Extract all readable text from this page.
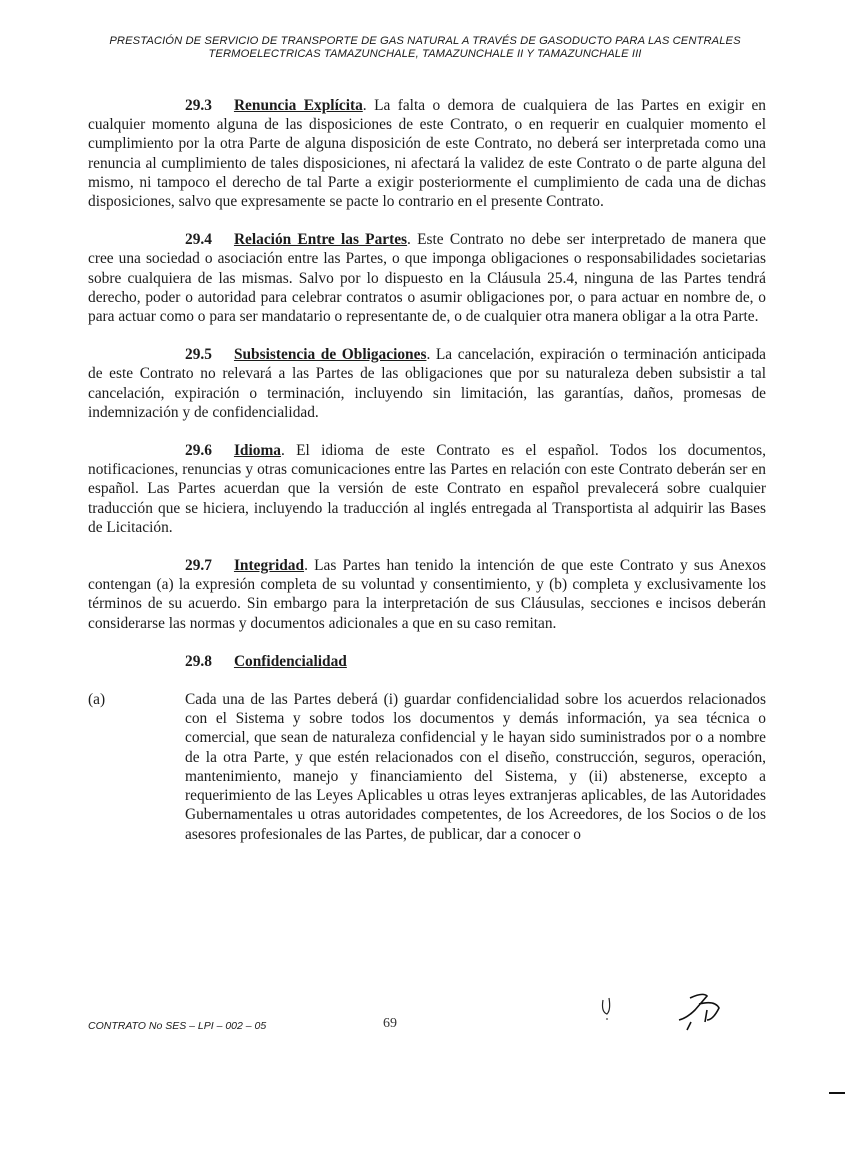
PRESTACIÓN DE SERVICIO DE TRANSPORTE DE GAS NATURAL A TRAVÉS DE GASODUCTO PARA LAS CENTRALES
TERMOELECTRICAS TAMAZUNCHALE, TAMAZUNCHALE II Y TAMAZUNCHALE III

29.3 Renuncia Explícita. La falta o demora de cualquiera de las Partes en exigir en cualquier momento alguna de las disposiciones de este Contrato, o en requerir en cualquier momento el cumplimiento por la otra Parte de alguna disposición de este Contrato, no deberá ser interpretada como una renuncia al cumplimiento de tales disposiciones, ni afectará la validez de este Contrato o de parte alguna del mismo, ni tampoco el derecho de tal Parte a exigir posteriormente el cumplimiento de cada una de dichas disposiciones, salvo que expresamente se pacte lo contrario en el presente Contrato.

29.4 Relación Entre las Partes. Este Contrato no debe ser interpretado de manera que cree una sociedad o asociación entre las Partes, o que imponga obligaciones o responsabilidades societarias sobre cualquiera de las mismas. Salvo por lo dispuesto en la Cláusula 25.4, ninguna de las Partes tendrá derecho, poder o autoridad para celebrar contratos o asumir obligaciones por, o para actuar en nombre de, o para actuar como o para ser mandatario o representante de, o de cualquier otra manera obligar a la otra Parte.

29.5 Subsistencia de Obligaciones. La cancelación, expiración o terminación anticipada de este Contrato no relevará a las Partes de las obligaciones que por su naturaleza deben subsistir a tal cancelación, expiración o terminación, incluyendo sin limitación, las garantías, daños, promesas de indemnización y de confidencialidad.

29.6 Idioma. El idioma de este Contrato es el español. Todos los documentos, notificaciones, renuncias y otras comunicaciones entre las Partes en relación con este Contrato deberán ser en español. Las Partes acuerdan que la versión de este Contrato en español prevalecerá sobre cualquier traducción que se hiciera, incluyendo la traducción al inglés entregada al Transportista al adquirir las Bases de Licitación.

29.7 Integridad. Las Partes han tenido la intención de que este Contrato y sus Anexos contengan (a) la expresión completa de su voluntad y consentimiento, y (b) completa y exclusivamente los términos de su acuerdo. Sin embargo para la interpretación de sus Cláusulas, secciones e incisos deberán considerarse las normas y documentos adicionales a que en su caso remitan.

29.8 Confidencialidad

(a)	Cada una de las Partes deberá (i) guardar confidencialidad sobre los acuerdos relacionados con el Sistema y sobre todos los documentos y demás información, ya sea técnica o comercial, que sean de naturaleza confidencial y le hayan sido suministrados por o a nombre de la otra Parte, y que estén relacionados con el diseño, construcción, seguros, operación, mantenimiento, manejo y financiamiento del Sistema, y (ii) abstenerse, excepto a requerimiento de las Leyes Aplicables u otras leyes extranjeras aplicables, de las Autoridades Gubernamentales u otras autoridades competentes, de los Acreedores, de los Socios o de los asesores profesionales de las Partes, de publicar, dar a conocer o
CONTRATO No SES – LPI – 002 – 05	69
